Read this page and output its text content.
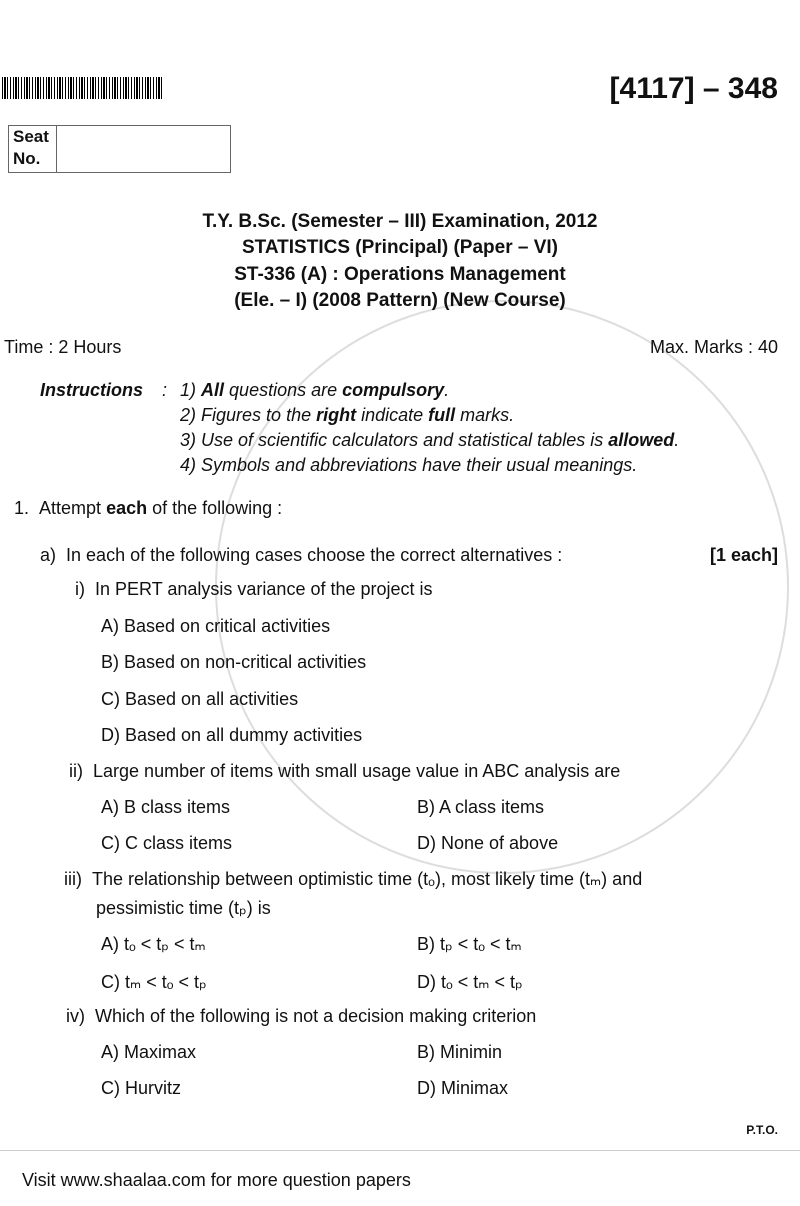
[4117] – 348
Seat
No.
T.Y. B.Sc. (Semester – III) Examination, 2012
STATISTICS (Principal) (Paper – VI)
ST-336 (A) : Operations Management
(Ele. – I) (2008 Pattern) (New Course)
Time : 2 Hours	Max. Marks : 40
Instructions : 1) All questions are compulsory.
2) Figures to the right indicate full marks.
3) Use of scientific calculators and statistical tables is allowed.
4) Symbols and abbreviations have their usual meanings.
1. Attempt each of the following :
a) In each of the following cases choose the correct alternatives :	[1 each]
i) In PERT analysis variance of the project is
A) Based on critical activities
B) Based on non-critical activities
C) Based on all activities
D) Based on all dummy activities
ii) Large number of items with small usage value in ABC analysis are
A) B class items	B) A class items
C) C class items	D) None of above
iii) The relationship between optimistic time (tₒ), most likely time (tₘ) and
pessimistic time (tₚ) is
A) tₒ < tₚ < tₘ	B) tₚ < tₒ < tₘ
C) tₘ < tₒ < tₚ	D) tₒ < tₘ < tₚ
iv) Which of the following is not a decision making criterion
A) Maximax	B) Minimin
C) Hurvitz	D) Minimax
P.T.O.
Visit www.shaalaa.com for more question papers
